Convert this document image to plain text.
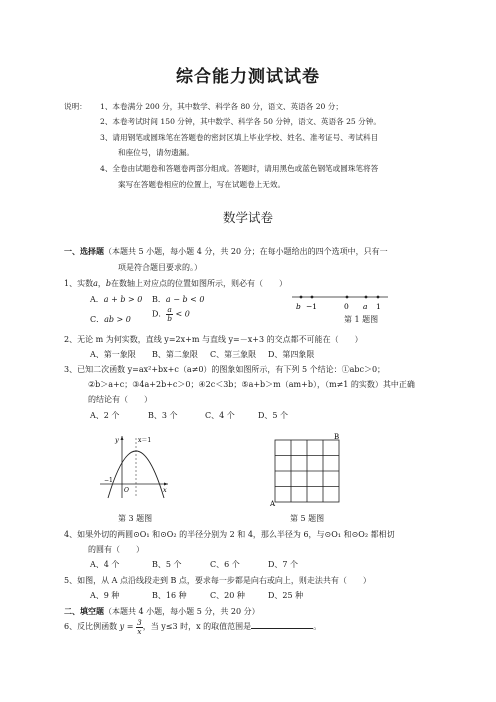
综合能力测试试卷
说明： 1、本卷满分 200 分，其中数学、科学各 80 分，语文、英语各 20 分；
2、本卷考试时间 150 分钟，其中数学、科学各 50 分钟，语文、英语各 25 分钟。
3、请用钢笔或圆珠笔在答题卷的密封区填上毕业学校、姓名、准考证号、考试科目
和座位号，请勿遗漏。
4、全卷由试题卷和答题卷两部分组成。答题时，请用黑色或蓝色钢笔或圆珠笔将答
案写在答题卷相应的位置上，写在试题卷上无效。
数学试卷
一、选择题（本题共 5 小题，每小题 4 分，共 20 分；在每小题给出的四个选项中，只有一
项是符合题目要求的。）
1、实数a，b在数轴上对应点的位置如图所示，则必有（　　）
A．a + b > 0 B．a − b < 0
C．ab > 0
D． $\frac{a}{b} < 0$
b −1	0 a 1
第 1 题图
2、无论 m 为何实数，直线 y=2x+m 与直线 y=－x+3 的交点都不可能在（　　）
A、第一象限 B、第二象限 C、第三象限 D、第四象限
3、已知二次函数 y=ax²+bx+c（a≠0）的图象如图所示，有下列 5 个结论：①abc＞0；
②b＞a+c；③4a+2b+c＞0；④2c＜3b；⑤a+b＞m（am+b），（m≠1 的实数）其中正确
的结论有（　　）
A、2 个	B、3 个	C、4 个	D、5 个
y
x
x＝1
−1
O
B
A
第 3 题图	第 5 题图
4、如果外切的两圆⊙O₁ 和⊙O₂ 的半径分别为 2 和 4，那么半径为 6，与⊙O₁ 和⊙O₂ 都相切
的圆有（　　）
A、4 个	B、5 个	C、6 个	D、7 个
5、如图，从 A 点沿线段走到 B 点，要求每一步都是向右或向上，则走法共有（　　）
A、9 种	B、16 种	C、20 种	D、25 种
二、填空题（本题共 4 小题，每小题 5 分，共 20 分）
6、反比例函数 $y = \frac{3}{x}$ ，当 y≤3 时，x 的取值范围是	。
